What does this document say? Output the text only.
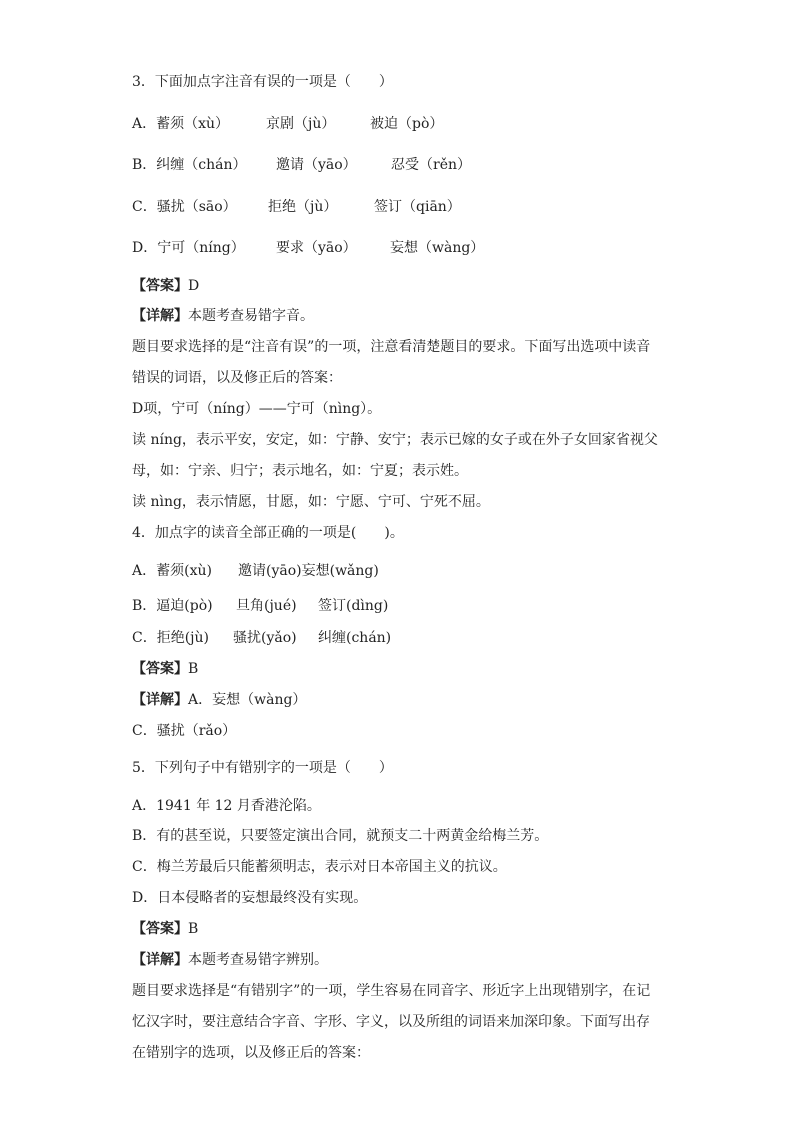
3．下面加点字注音有误的一项是（　　）
A．蓄须（xù）	京剧（jù） 被迫（pò）
B．纠缠（chán） 邀请（yāo） 忍受（rěn）
C．骚扰（sāo） 拒绝（jù）	签订（qiān）
D．宁可（níng） 要求（yāo） 妄想（wàng）
【答案】D
【详解】本题考查易错字音。
题目要求选择的是“注音有误”的一项，注意看清楚题目的要求。下面写出选项中读音
错误的词语，以及修正后的答案：
D项，宁可（níng）——宁可（nìng）。
读 níng，表示平安，安定，如：宁静、安宁；表示已嫁的女子或在外子女回家省视父
母，如：宁亲、归宁；表示地名，如：宁夏；表示姓。
读 nìng，表示情愿，甘愿，如：宁愿、宁可、宁死不屈。
4．加点字的读音全部正确的一项是(　　)。
A．蓄须(xù) 邀请(yāo)妄想(wǎng)
B．逼迫(pò) 旦角(jué) 签订(dìng)
C．拒绝(jù) 骚扰(yǎo) 纠缠(chán)
【答案】B
【详解】A．妄想（wàng）
C．骚扰（rǎo）
5．下列句子中有错别字的一项是（　　）
A．1941 年 12 月香港沦陷。
B．有的甚至说，只要签定演出合同，就预支二十两黄金给梅兰芳。
C．梅兰芳最后只能蓄须明志，表示对日本帝国主义的抗议。
D．日本侵略者的妄想最终没有实现。
【答案】B
【详解】本题考查易错字辨别。
题目要求选择是“有错别字”的一项，学生容易在同音字、形近字上出现错别字，在记
忆汉字时，要注意结合字音、字形、字义，以及所组的词语来加深印象。下面写出存
在错别字的选项，以及修正后的答案：
